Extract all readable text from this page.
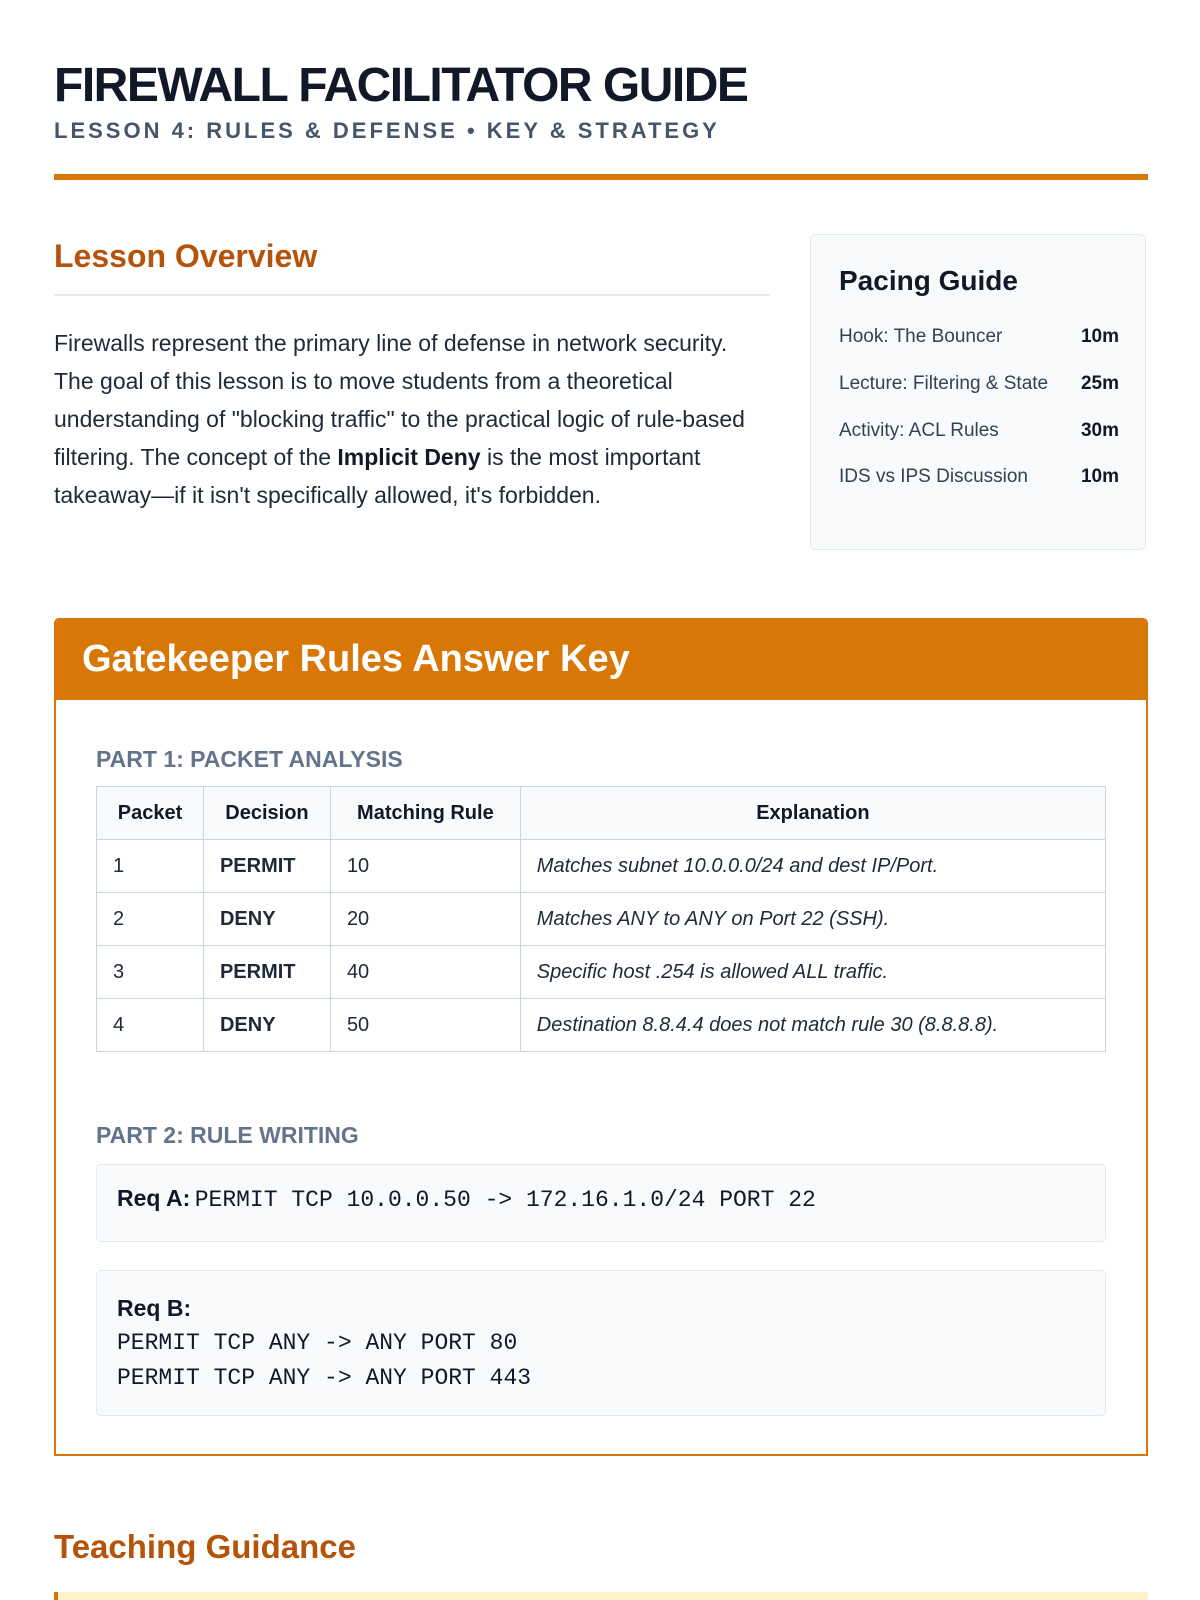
FIREWALL FACILITATOR GUIDE
LESSON 4: RULES & DEFENSE • KEY & STRATEGY
Lesson Overview
Firewalls represent the primary line of defense in network security. The goal of this lesson is to move students from a theoretical understanding of "blocking traffic" to the practical logic of rule-based filtering. The concept of the Implicit Deny is the most important takeaway—if it isn't specifically allowed, it's forbidden.
Pacing Guide
Hook: The Bouncer	10m
Lecture: Filtering & State 25m
Activity: ACL Rules	30m
IDS vs IPS Discussion	10m
Gatekeeper Rules Answer Key
PART 1: PACKET ANALYSIS
Packet	Decision	Matching Rule	Explanation
1	PERMIT	10	Matches subnet 10.0.0.0/24 and dest IP/Port.
2	DENY	20	Matches ANY to ANY on Port 22 (SSH).
3	PERMIT	40	Specific host .254 is allowed ALL traffic.
4	DENY	50	Destination 8.8.4.4 does not match rule 30 (8.8.8.8).
PART 2: RULE WRITING
Req A: PERMIT TCP 10.0.0.50 -> 172.16.1.0/24 PORT 22
Req B:
PERMIT TCP ANY -> ANY PORT 80
PERMIT TCP ANY -> ANY PORT 443
Teaching Guidance
